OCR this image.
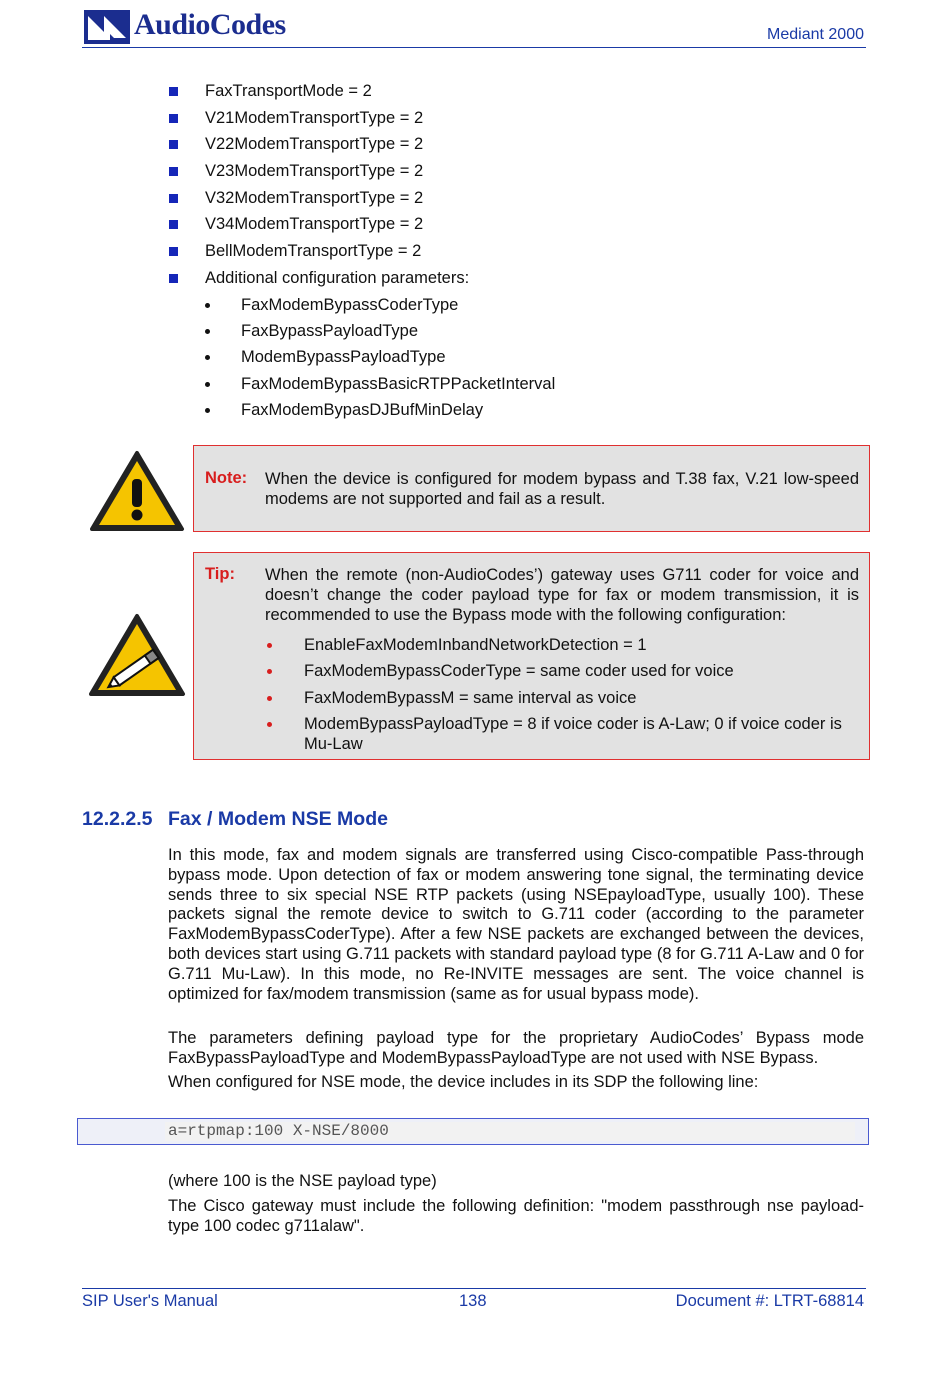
AudioCodes	Mediant 2000
FaxTransportMode = 2
V21ModemTransportType = 2
V22ModemTransportType = 2
V23ModemTransportType = 2
V32ModemTransportType = 2
V34ModemTransportType = 2
BellModemTransportType = 2
Additional configuration parameters:
FaxModemBypassCoderType
FaxBypassPayloadType
ModemBypassPayloadType
FaxModemBypassBasicRTPPacketInterval
FaxModemBypasDJBufMinDelay
Note: When the device is configured for modem bypass and T.38 fax, V.21 low-speed modems are not supported and fail as a result.
Tip: When the remote (non-AudioCodes’) gateway uses G711 coder for voice and doesn’t change the coder payload type for fax or modem transmission, it is recommended to use the Bypass mode with the following configuration:
EnableFaxModemInbandNetworkDetection = 1
FaxModemBypassCoderType = same coder used for voice
FaxModemBypassM = same interval as voice
ModemBypassPayloadType = 8 if voice coder is A-Law; 0 if voice coder is Mu-Law
12.2.2.5 Fax / Modem NSE Mode
In this mode, fax and modem signals are transferred using Cisco-compatible Pass-through bypass mode. Upon detection of fax or modem answering tone signal, the terminating device sends three to six special NSE RTP packets (using NSEpayloadType, usually 100). These packets signal the remote device to switch to G.711 coder (according to the parameter FaxModemBypassCoderType). After a few NSE packets are exchanged between the devices, both devices start using G.711 packets with standard payload type (8 for G.711 A-Law and 0 for G.711 Mu-Law). In this mode, no Re-INVITE messages are sent. The voice channel is optimized for fax/modem transmission (same as for usual bypass mode).
The parameters defining payload type for the proprietary AudioCodes’ Bypass mode FaxBypassPayloadType and ModemBypassPayloadType are not used with NSE Bypass.
When configured for NSE mode, the device includes in its SDP the following line:
a=rtpmap:100 X-NSE/8000
(where 100 is the NSE payload type)
The Cisco gateway must include the following definition: "modem passthrough nse payload-type 100 codec g711alaw".
SIP User's Manual	138	Document #: LTRT-68814
